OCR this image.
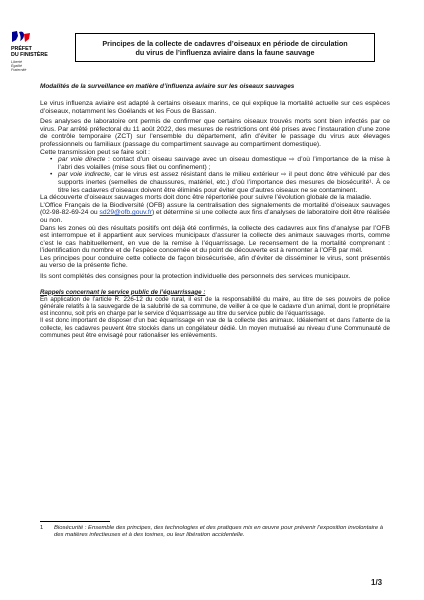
PRÉFET
DU FINISTÈRE
Liberté
Égalité
Fraternité
Principes de la collecte de cadavres d’oiseaux en période de circulation
du virus de l’influenza aviaire dans la faune sauvage
Modalités de la surveillance en matière d’influenza aviaire sur les oiseaux sauvages

Le virus influenza aviaire est adapté à certains oiseaux marins, ce qui explique la mortalité actuelle sur ces espèces d’oiseaux, notamment les Goélands et les Fous de Bassan.

Des analyses de laboratoire ont permis de confirmer que certains oiseaux trouvés morts sont bien infectés par ce virus. Par arrêté préfectoral du 11 août 2022, des mesures de restrictions ont été prises avec l’instauration d’une zone de contrôle temporaire (ZCT) sur l’ensemble du département, afin d’éviter le passage du virus aux élevages professionnels ou familiaux (passage du compartiment sauvage au compartiment domestique).

Cette transmission peut se faire soit :

• par voie directe : contact d’un oiseau sauvage avec un oiseau domestique ⇨ d’où l’importance de la mise à l’abri des volailles (mise sous filet ou confinement) ;
• par voie indirecte, car le virus est assez résistant dans le milieu extérieur ⇨ il peut donc être véhiculé par des supports inertes (semelles de chaussures, matériel, etc.) d’où l’importance des mesures de biosécurité¹. À ce titre les cadavres d’oiseaux doivent être éliminés pour éviter que d’autres oiseaux ne se contaminent.

La découverte d’oiseaux sauvages morts doit donc être répertoriée pour suivre l’évolution globale de la maladie.

L’Office Français de la Biodiversité (OFB) assure la centralisation des signalements de mortalité d’oiseaux sauvages (02-98-82-69-24 ou sd29@ofb.gouv.fr) et détermine si une collecte aux fins d’analyses de laboratoire doit être réalisée ou non.

Dans les zones où des résultats positifs ont déjà été confirmés, la collecte des cadavres aux fins d’analyse par l’OFB est interrompue et il appartient aux services municipaux d’assurer la collecte des animaux sauvages morts, comme c’est le cas habituellement, en vue de la remise à l’équarrissage. Le recensement de la mortalité comprenant : l’identification du nombre et de l’espèce concernée et du point de découverte est à remonter à l’OFB par mél.

Les principes pour conduire cette collecte de façon biosécurisée, afin d’éviter de disséminer le virus, sont présentés au verso de la présente fiche.

Ils sont complétés des consignes pour la protection individuelle des personnels des services municipaux.

Rappels concernant le service public de l’équarrissage :

En application de l’article R. 226-12 du code rural, il est de la responsabilité du maire, au titre de ses pouvoirs de police générale relatifs à la sauvegarde de la salubrité de sa commune, de veiller à ce que le cadavre d’un animal, dont le propriétaire est inconnu, soit pris en charge par le service d’équarrissage au titre du service public de l’équarrissage.

Il est donc important de disposer d’un bac équarrissage en vue de la collecte des animaux. Idéalement et dans l’attente de la collecte, les cadavres peuvent être stockés dans un congélateur dédié. Un moyen mutualisé au niveau d’une Communauté de communes peut être envisagé pour rationaliser les enlèvements.

1 Biosécurité : Ensemble des principes, des technologies et des pratiques mis en œuvre pour prévenir l’exposition involontaire à des matières infectieuses et à des toxines, ou leur libération accidentelle.
1/3
